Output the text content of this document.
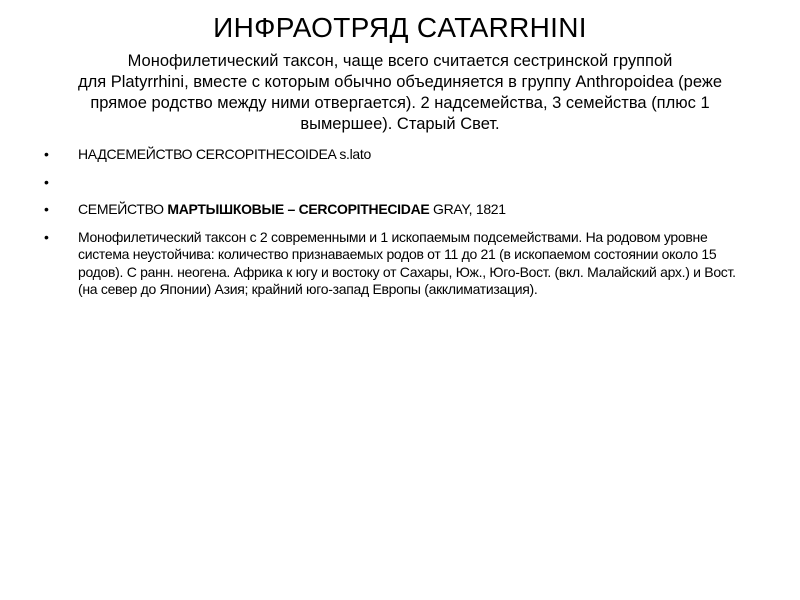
ИНФРАОТРЯД CATARRHINI
Монофилетический таксон, чаще всего считается сестринской группой
для Platyrrhini, вместе с которым обычно объединяется в группу Anthropoidea (реже
прямое родство между ними отвергается). 2 надсемейства, 3 семейства (плюс 1
вымершее). Старый Свет.
• НАДСЕМЕЙСТВО CERCOPITHECOIDEA s.lato
•
• СЕМЕЙСТВО МАРТЫШКОВЫЕ – CERCOPITHECIDAE GRAY, 1821
• Монофилетический таксон с 2 современными и 1 ископаемым подсемействами. На родовом уровне система неустойчива: количество признаваемых родов от 11 до 21 (в ископаемом состоянии около 15 родов). С ранн. неогена. Африка к югу и востоку от Сахары, Юж., Юго-Вост. (вкл. Малайский арх.) и Вост. (на север до Японии) Азия; крайний юго-запад Европы (акклиматизация).
